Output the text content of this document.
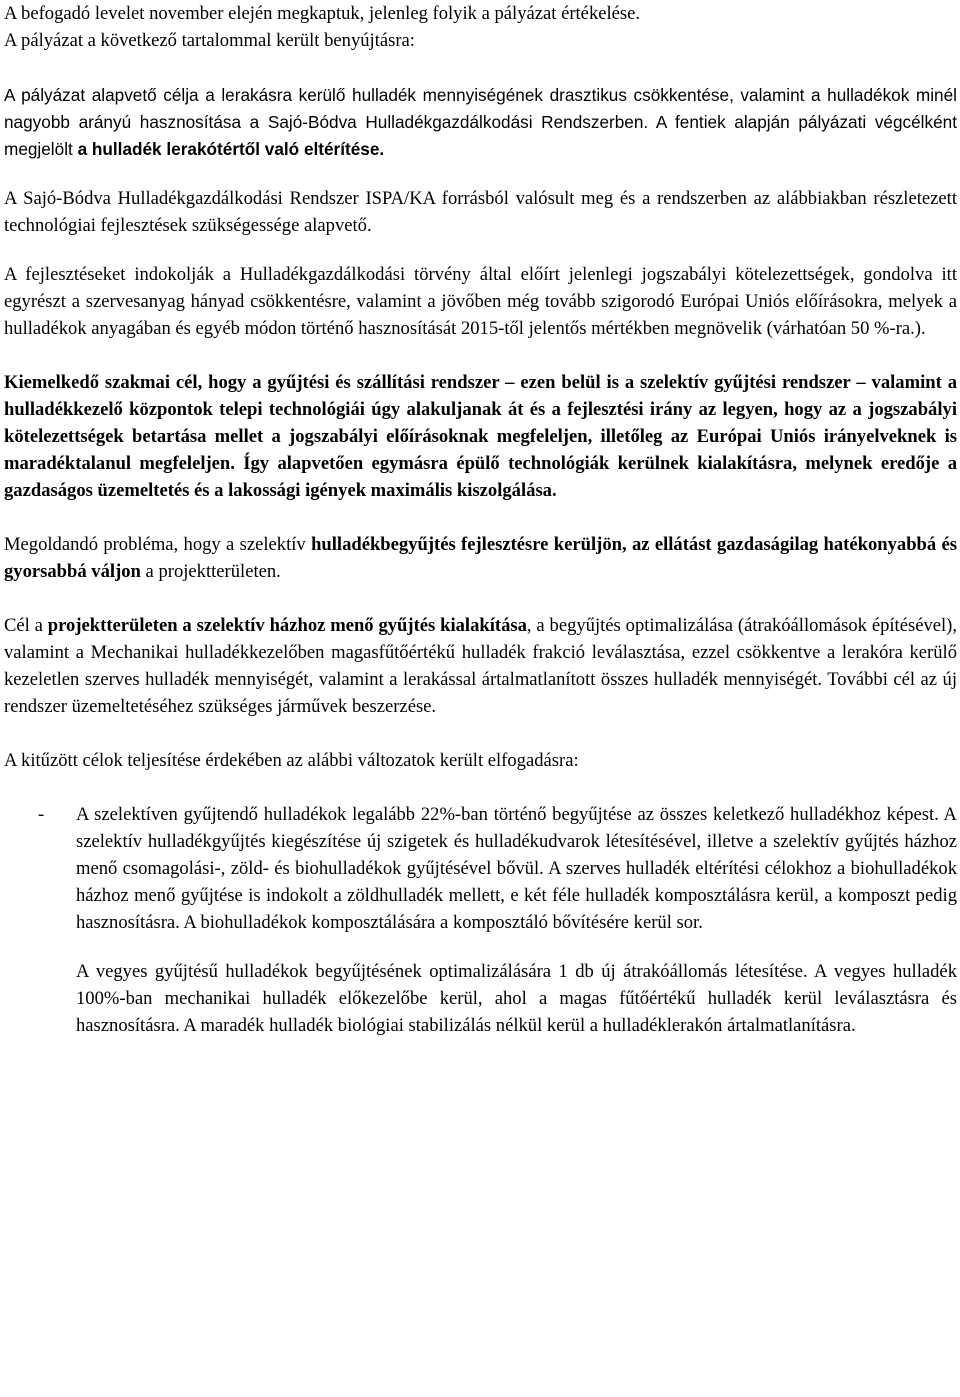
A befogadó levelet november elején megkaptuk, jelenleg folyik a pályázat értékelése.

A pályázat a következő tartalommal került benyújtásra:

A pályázat alapvető célja a lerakásra kerülő hulladék mennyiségének drasztikus csökkentése, valamint a hulladékok minél nagyobb arányú hasznosítása a Sajó-Bódva Hulladékgazdálkodási Rendszerben. A fentiek alapján pályázati végcélként megjelölt a hulladék lerakótértől való eltérítése.

A Sajó-Bódva Hulladékgazdálkodási Rendszer ISPA/KA forrásból valósult meg és a rendszerben az alábbiakban részletezett technológiai fejlesztések szükségessége alapvető.

A fejlesztéseket indokolják a Hulladékgazdálkodási törvény által előírt jelenlegi jogszabályi kötelezettségek, gondolva itt egyrészt a szervesanyag hányad csökkentésre, valamint a jövőben még tovább szigorodó Európai Uniós előírásokra, melyek a hulladékok anyagában és egyéb módon történő hasznosítását 2015-től jelentős mértékben megnövelik (várhatóan 50 %-ra.).

Kiemelkedő szakmai cél, hogy a gyűjtési és szállítási rendszer – ezen belül is a szelektív gyűjtési rendszer – valamint a hulladékkezelő központok telepi technológiái úgy alakuljanak át és a fejlesztési irány az legyen, hogy az a jogszabályi kötelezettségek betartása mellet a jogszabályi előírásoknak megfeleljen, illetőleg az Európai Uniós irányelveknek is maradéktalanul megfeleljen. Így alapvetően egymásra épülő technológiák kerülnek kialakításra, melynek eredője a gazdaságos üzemeltetés és a lakossági igények maximális kiszolgálása.

Megoldandó probléma, hogy a szelektív hulladékbegyűjtés fejlesztésre kerüljön, az ellátást gazdaságilag hatékonyabbá és gyorsabbá váljon a projektterületen.

Cél a projektterületen a szelektív házhoz menő gyűjtés kialakítása, a begyűjtés optimalizálása (átrakóállomások építésével), valamint a Mechanikai hulladékkezelőben magasfűtőértékű hulladék frakció leválasztása, ezzel csökkentve a lerakóra kerülő kezeletlen szerves hulladék mennyiségét, valamint a lerakással ártalmatlanított összes hulladék mennyiségét. További cél az új rendszer üzemeltetéséhez szükséges járművek beszerzése.

A kitűzött célok teljesítése érdekében az alábbi változatok került elfogadásra:

- A szelektíven gyűjtendő hulladékok legalább 22%-ban történő begyűjtése az összes keletkező hulladékhoz képest. A szelektív hulladékgyűjtés kiegészítése új szigetek és hulladékudvarok létesítésével, illetve a szelektív gyűjtés házhoz menő csomagolási-, zöld- és biohulladékok gyűjtésével bővül. A szerves hulladék eltérítési célokhoz a biohulladékok házhoz menő gyűjtése is indokolt a zöldhulladék mellett, e két féle hulladék komposztálásra kerül, a komposzt pedig hasznosításra. A biohulladékok komposztálására a komposztáló bővítésére kerül sor.

A vegyes gyűjtésű hulladékok begyűjtésének optimalizálására 1 db új átrakóállomás létesítése. A vegyes hulladék 100%-ban mechanikai hulladék előkezelőbe kerül, ahol a magas fűtőértékű hulladék kerül leválasztásra és hasznosításra. A maradék hulladék biológiai stabilizálás nélkül kerül a hulladéklerakón ártalmatlanításra.
